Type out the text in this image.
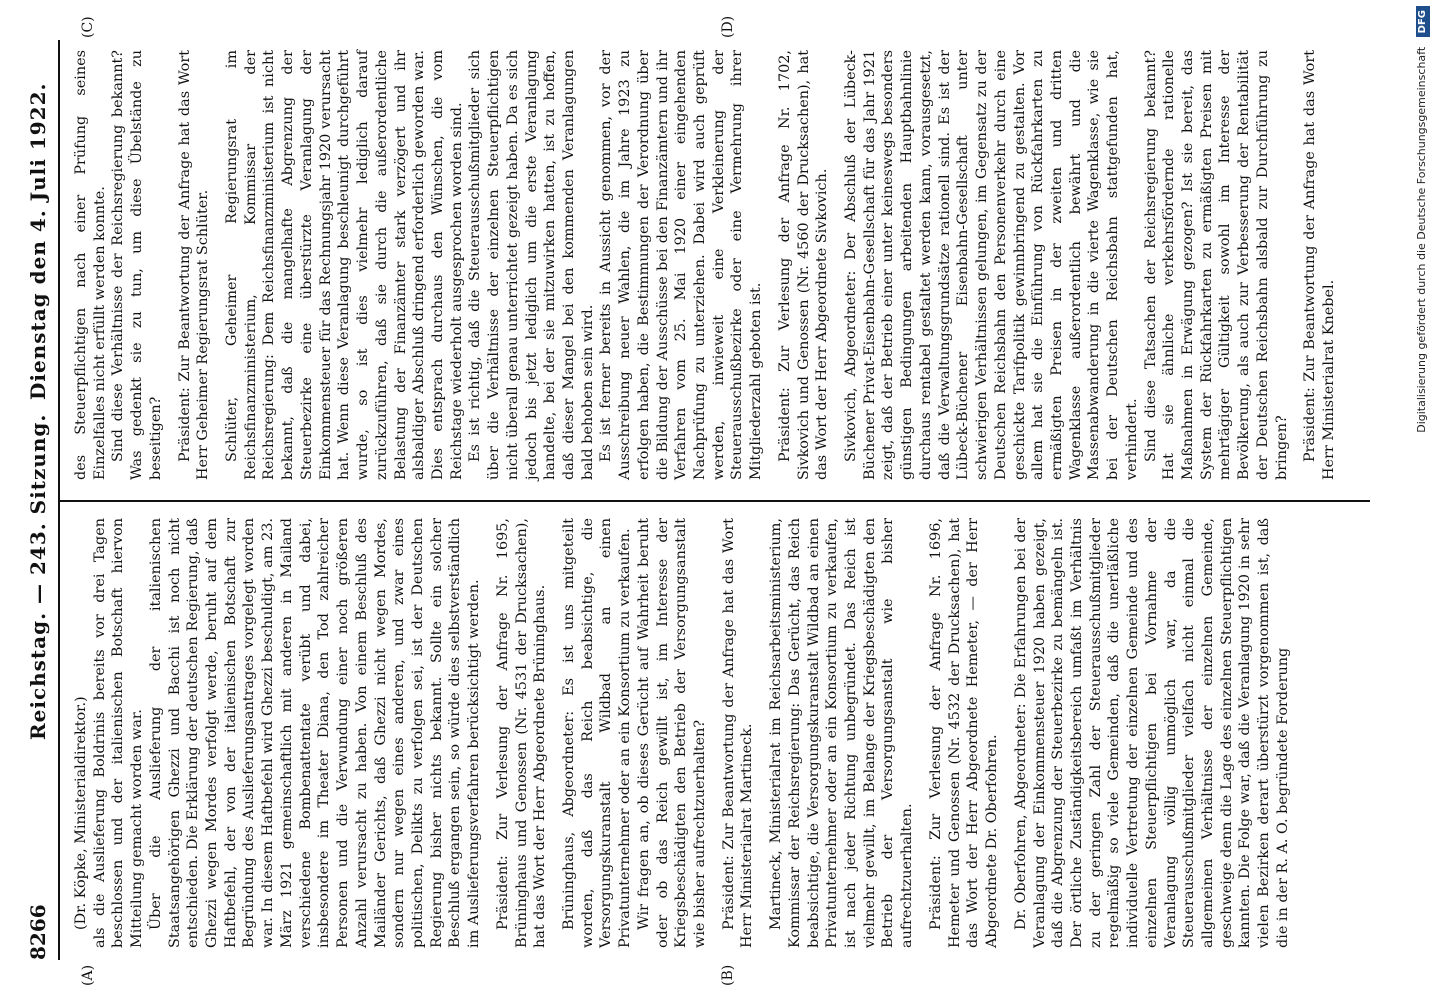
8266
Reichstag. — 243. Sitzung.
Dienstag den 4. Juli 1922.
(A)	(B)
(C)	(D)

(Dr. Köpke, Ministerialdirektor.) als die Auslieferung Boldrinis bereits vor drei Tagen beschlossen und der italienischen Botschaft hiervon Mitteilung gemacht worden war. Über die Auslieferung der italienischen Staatsangehörigen Ghezzi und Bacchi ist noch nicht entschieden. Die Erklärung der deutschen Regierung, daß Ghezzi wegen Mordes verfolgt werde, beruht auf dem Haftbefehl, der von der italienischen Botschaft zur Begründung des Auslieferungsantrages vorgelegt worden war. In diesem Haftbefehl wird Ghezzi beschuldigt, am 23. März 1921 gemeinschaftlich mit anderen in Mailand verschiedene Bombenattentate verübt und dabei, insbesondere im Theater Diana, den Tod zahlreicher Personen und die Verwundung einer noch größeren Anzahl verursacht zu haben. Von einem Beschluß des Mailänder Gerichts, daß Ghezzi nicht wegen Mordes, sondern nur wegen eines anderen, und zwar eines politischen, Delikts zu verfolgen sei, ist der Deutschen Regierung bisher nichts bekannt. Sollte ein solcher Beschluß ergangen sein, so würde dies selbstverständlich im Auslieferungsverfahren berücksichtigt werden. Präsident: Zur Verlesung der Anfrage Nr. 1695, Brüninghaus und Genossen (Nr. 4531 der Drucksachen), hat das Wort der Herr Abgeordnete Brüninghaus. Brüninghaus, Abgeordneter: Es ist uns mitgeteilt worden, daß das Reich beabsichtige, die Versorgungskuranstalt Wildbad an einen Privatunternehmer oder an ein Konsortium zu verkaufen. Wir fragen an, ob dieses Gerücht auf Wahrheit beruht oder ob das Reich gewillt ist, im Interesse der Kriegsbeschädigten den Betrieb der Versorgungsanstalt wie bisher aufrechtzuerhalten? Präsident: Zur Beantwortung der Anfrage hat das Wort Herr Ministerialrat Martineck. Martineck, Ministerialrat im Reichsarbeitsministerium, Kommissar der Reichsregierung: Das Gerücht, das Reich beabsichtige, die Versorgungskuranstalt Wildbad an einen Privatunternehmer oder an ein Konsortium zu verkaufen, ist nach jeder Richtung unbegründet. Das Reich ist vielmehr gewillt, im Belange der Kriegsbeschädigten den Betrieb der Versorgungsanstalt wie bisher aufrechtzuerhalten. Präsident: Zur Verlesung der Anfrage Nr. 1696, Hemeter und Genossen (Nr. 4532 der Drucksachen), hat das Wort der Herr Abgeordnete Hemeter, — der Herr Abgeordnete Dr. Oberfohren. Dr. Oberfohren, Abgeordneter: Die Erfahrungen bei der Veranlagung der Einkommensteuer 1920 haben gezeigt, daß die Abgrenzung der Steuerbezirke zu bemängeln ist. Der örtliche Zuständigkeitsbereich umfaßt im Verhältnis zu der geringen Zahl der Steuerausschußmitglieder regelmäßig so viele Gemeinden, daß die unerläßliche individuelle Vertretung der einzelnen Gemeinde und des einzelnen Steuerpflichtigen bei Vornahme der Veranlagung völlig unmöglich war, da die Steuerausschußmitglieder vielfach nicht einmal die allgemeinen Verhältnisse der einzelnen Gemeinde, geschweige denn die Lage des einzelnen Steuerpflichtigen kannten. Die Folge war, daß die Veranlagung 1920 in sehr vielen Bezirken derart überstürzt vorgenommen ist, daß die in der R. A. O. begründete Forderung

des Steuerpflichtigen nach einer Prüfung seines Einzelfalles nicht erfüllt werden konnte. Sind diese Verhältnisse der Reichsregierung bekannt? Was gedenkt sie zu tun, um diese Übelstände zu beseitigen? Präsident: Zur Beantwortung der Anfrage hat das Wort Herr Geheimer Regierungsrat Schlüter. Schlüter, Geheimer Regierungsrat im Reichsfinanzministerium, Kommissar der Reichsregierung: Dem Reichsfinanzministerium ist nicht bekannt, daß die mangelhafte Abgrenzung der Steuerbezirke eine überstürzte Veranlagung der Einkommensteuer für das Rechnungsjahr 1920 verursacht hat. Wenn diese Veranlagung beschleunigt durchgeführt wurde, so ist dies vielmehr lediglich darauf zurückzuführen, daß sie durch die außerordentliche Belastung der Finanzämter stark verzögert und ihr alsbaldiger Abschluß dringend erforderlich geworden war. Dies entsprach durchaus den Wünschen, die vom Reichstage wiederholt ausgesprochen worden sind. Es ist richtig, daß die Steuerausschußmitglieder sich über die Verhältnisse der einzelnen Steuerpflichtigen nicht überall genau unterrichtet gezeigt haben. Da es sich jedoch bis jetzt lediglich um die erste Veranlagung handelte, bei der sie mitzuwirken hatten, ist zu hoffen, daß dieser Mangel bei den kommenden Veranlagungen bald behoben sein wird. Es ist ferner bereits in Aussicht genommen, vor der Ausschreibung neuer Wahlen, die im Jahre 1923 zu erfolgen haben, die Bestimmungen der Verordnung über die Bildung der Ausschüsse bei den Finanzämtern und ihr Verfahren vom 25. Mai 1920 einer eingehenden Nachprüfung zu unterziehen. Dabei wird auch geprüft werden, inwieweit eine Verkleinerung der Steuerausschußbezirke oder eine Vermehrung ihrer Mitgliederzahl geboten ist. Präsident: Zur Verlesung der Anfrage Nr. 1702, Sivkovich und Genossen (Nr. 4560 der Drucksachen), hat das Wort der Herr Abgeordnete Sivkovich. Sivkovich, Abgeordneter: Der Abschluß der Lübeck-Büchener Privat-Eisenbahn-Gesellschaft für das Jahr 1921 zeigt, daß der Betrieb einer unter keineswegs besonders günstigen Bedingungen arbeitenden Hauptbahnlinie durchaus rentabel gestaltet werden kann, vorausgesetzt, daß die Verwaltungsgrundsätze rationell sind. Es ist der Lübeck-Büchener Eisenbahn-Gesellschaft unter schwierigen Verhältnissen gelungen, im Gegensatz zu der Deutschen Reichsbahn den Personenverkehr durch eine geschickte Tarifpolitik gewinnbringend zu gestalten. Vor allem hat sie die Einführung von Rückfahrkarten zu ermäßigten Preisen in der zweiten und dritten Wagenklasse außerordentlich bewährt und die Massenabwanderung in die vierte Wagenklasse, wie sie bei der Deutschen Reichsbahn stattgefunden hat, verhindert. Sind diese Tatsachen der Reichsregierung bekannt? Hat sie ähnliche verkehrsfördernde rationelle Maßnahmen in Erwägung gezogen? Ist sie bereit, das System der Rückfahrkarten zu ermäßigten Preisen mit mehrtägiger Gültigkeit sowohl im Interesse der Bevölkerung, als auch zur Verbesserung der Rentabilität der Deutschen Reichsbahn alsbald zur Durchführung zu bringen? Präsident: Zur Beantwortung der Anfrage hat das Wort Herr Ministerialrat Knebel.	Digitalisierung gefördert durch die Deutsche Forschungsgemeinschaft DFG
